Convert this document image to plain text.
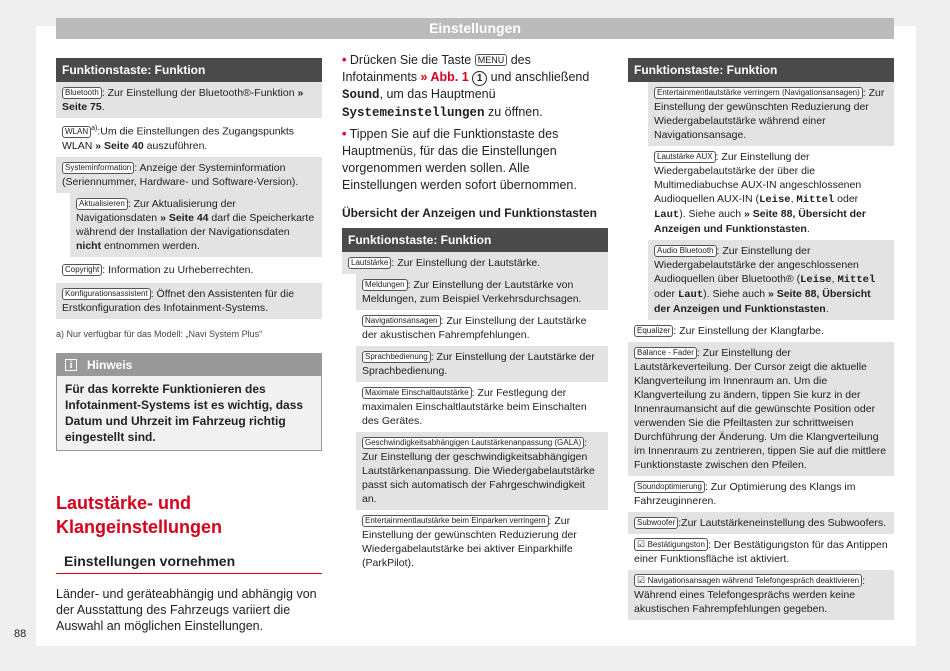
Einstellungen
Funktionstaste: Funktion
Bluetooth : Zur Einstellung der Bluetooth®-Funktion » Seite 75.
WLAN $^{a)}$:Um die Einstellungen des Zugangspunkts WLAN » Seite 40 auszuführen.
Systeminformation : Anzeige der Systeminformation (Seriennummer, Hardware- und Software-Version).
Aktualisieren : Zur Aktualisierung der Navigationsdaten » Seite 44 darf die Speicherkarte während der Installation der Navigationsdaten nicht entnommen werden.
Copyright : Information zu Urheberrechten.
Konfigurationsassistent : Öffnet den Assistenten für die Erstkonfiguration des Infotainment-Systems.
a) Nur verfügbar für das Modell: „Navi System Plus“
i	Hinweis
Für das korrekte Funktionieren des Infotainment-Systems ist es wichtig, dass Datum und Uhrzeit im Fahrzeug richtig eingestellt sind.
Lautstärke- und Klangeinstellungen
Einstellungen vornehmen
Länder- und geräteabhängig und abhängig von der Ausstattung des Fahrzeugs variiert die Auswahl an möglichen Einstellungen.
• Drücken Sie die Taste MENU des Infotainments » Abb. 1 1 und anschließend Sound, um das Hauptmenü Systemeinstellungen zu öffnen.
• Tippen Sie auf die Funktionstaste des Hauptmenüs, für das die Einstellungen vorgenommen werden sollen. Alle Einstellungen werden sofort übernommen.
Übersicht der Anzeigen und Funktionstasten
Funktionstaste: Funktion
Lautstärke : Zur Einstellung der Lautstärke.
Meldungen : Zur Einstellung der Lautstärke von Meldungen, zum Beispiel Verkehrsdurchsagen.
Navigationsansagen : Zur Einstellung der Lautstärke der akustischen Fahrempfehlungen.
Sprachbedienung : Zur Einstellung der Lautstärke der Sprachbedienung.
Maximale Einschaltlautstärke : Zur Festlegung der maximalen Einschaltlautstärke beim Einschalten des Gerätes.
Geschwindigkeitsabhängigen Lautstärkenanpassung (GALA) : Zur Einstellung der geschwindigkeitsabhängigen Lautstärkenanpassung. Die Wiedergabelautstärke passt sich automatisch der Fahrgeschwindigkeit an.
Entertainmentlautstärke beim Einparken verringern : Zur Einstellung der gewünschten Reduzierung der Wiedergabelautstärke bei aktiver Einparkhilfe (ParkPilot).
Funktionstaste: Funktion
Entertainmentlautstärke verringern (Navigationsansagen) : Zur Einstellung der gewünschten Reduzierung der Wiedergabelautstärke während einer Navigationsansage.
Lautstärke AUX : Zur Einstellung der Wiedergabelautstärke der über die Multimediabuchse AUX-IN angeschlossenen Audioquellen AUX-IN (Leise, Mittel oder Laut). Siehe auch » Seite 88, Übersicht der Anzeigen und Funktionstasten.
Audio Bluetooth : Zur Einstellung der Wiedergabelautstärke der angeschlossenen Audioquellen über Bluetooth® (Leise, Mittel oder Laut). Siehe auch » Seite 88, Übersicht der Anzeigen und Funktionstasten.
Equalizer : Zur Einstellung der Klangfarbe.
Balance - Fader : Zur Einstellung der Lautstärkeverteilung. Der Cursor zeigt die aktuelle Klangverteilung im Innenraum an. Um die Klangverteilung zu ändern, tippen Sie kurz in der Innenraumansicht auf die gewünschte Position oder verwenden Sie die Pfeiltasten zur schrittweisen Durchführung der Änderung. Um die Klangverteilung im Innenraum zu zentrieren, tippen Sie auf die mittlere Funktionstaste zwischen den Pfeilen.
Soundoptimierung : Zur Optimierung des Klangs im Fahrzeuginneren.
Subwoofer :Zur Lautstärkeneinstellung des Subwoofers.
☑ Bestätigungston : Der Bestätigungston für das Antippen einer Funktionsfläche ist aktiviert.
☑ Navigationsansagen während Telefongespräch deaktivieren : Während eines Telefongesprächs werden keine akustischen Fahrempfehlungen gegeben.
88
